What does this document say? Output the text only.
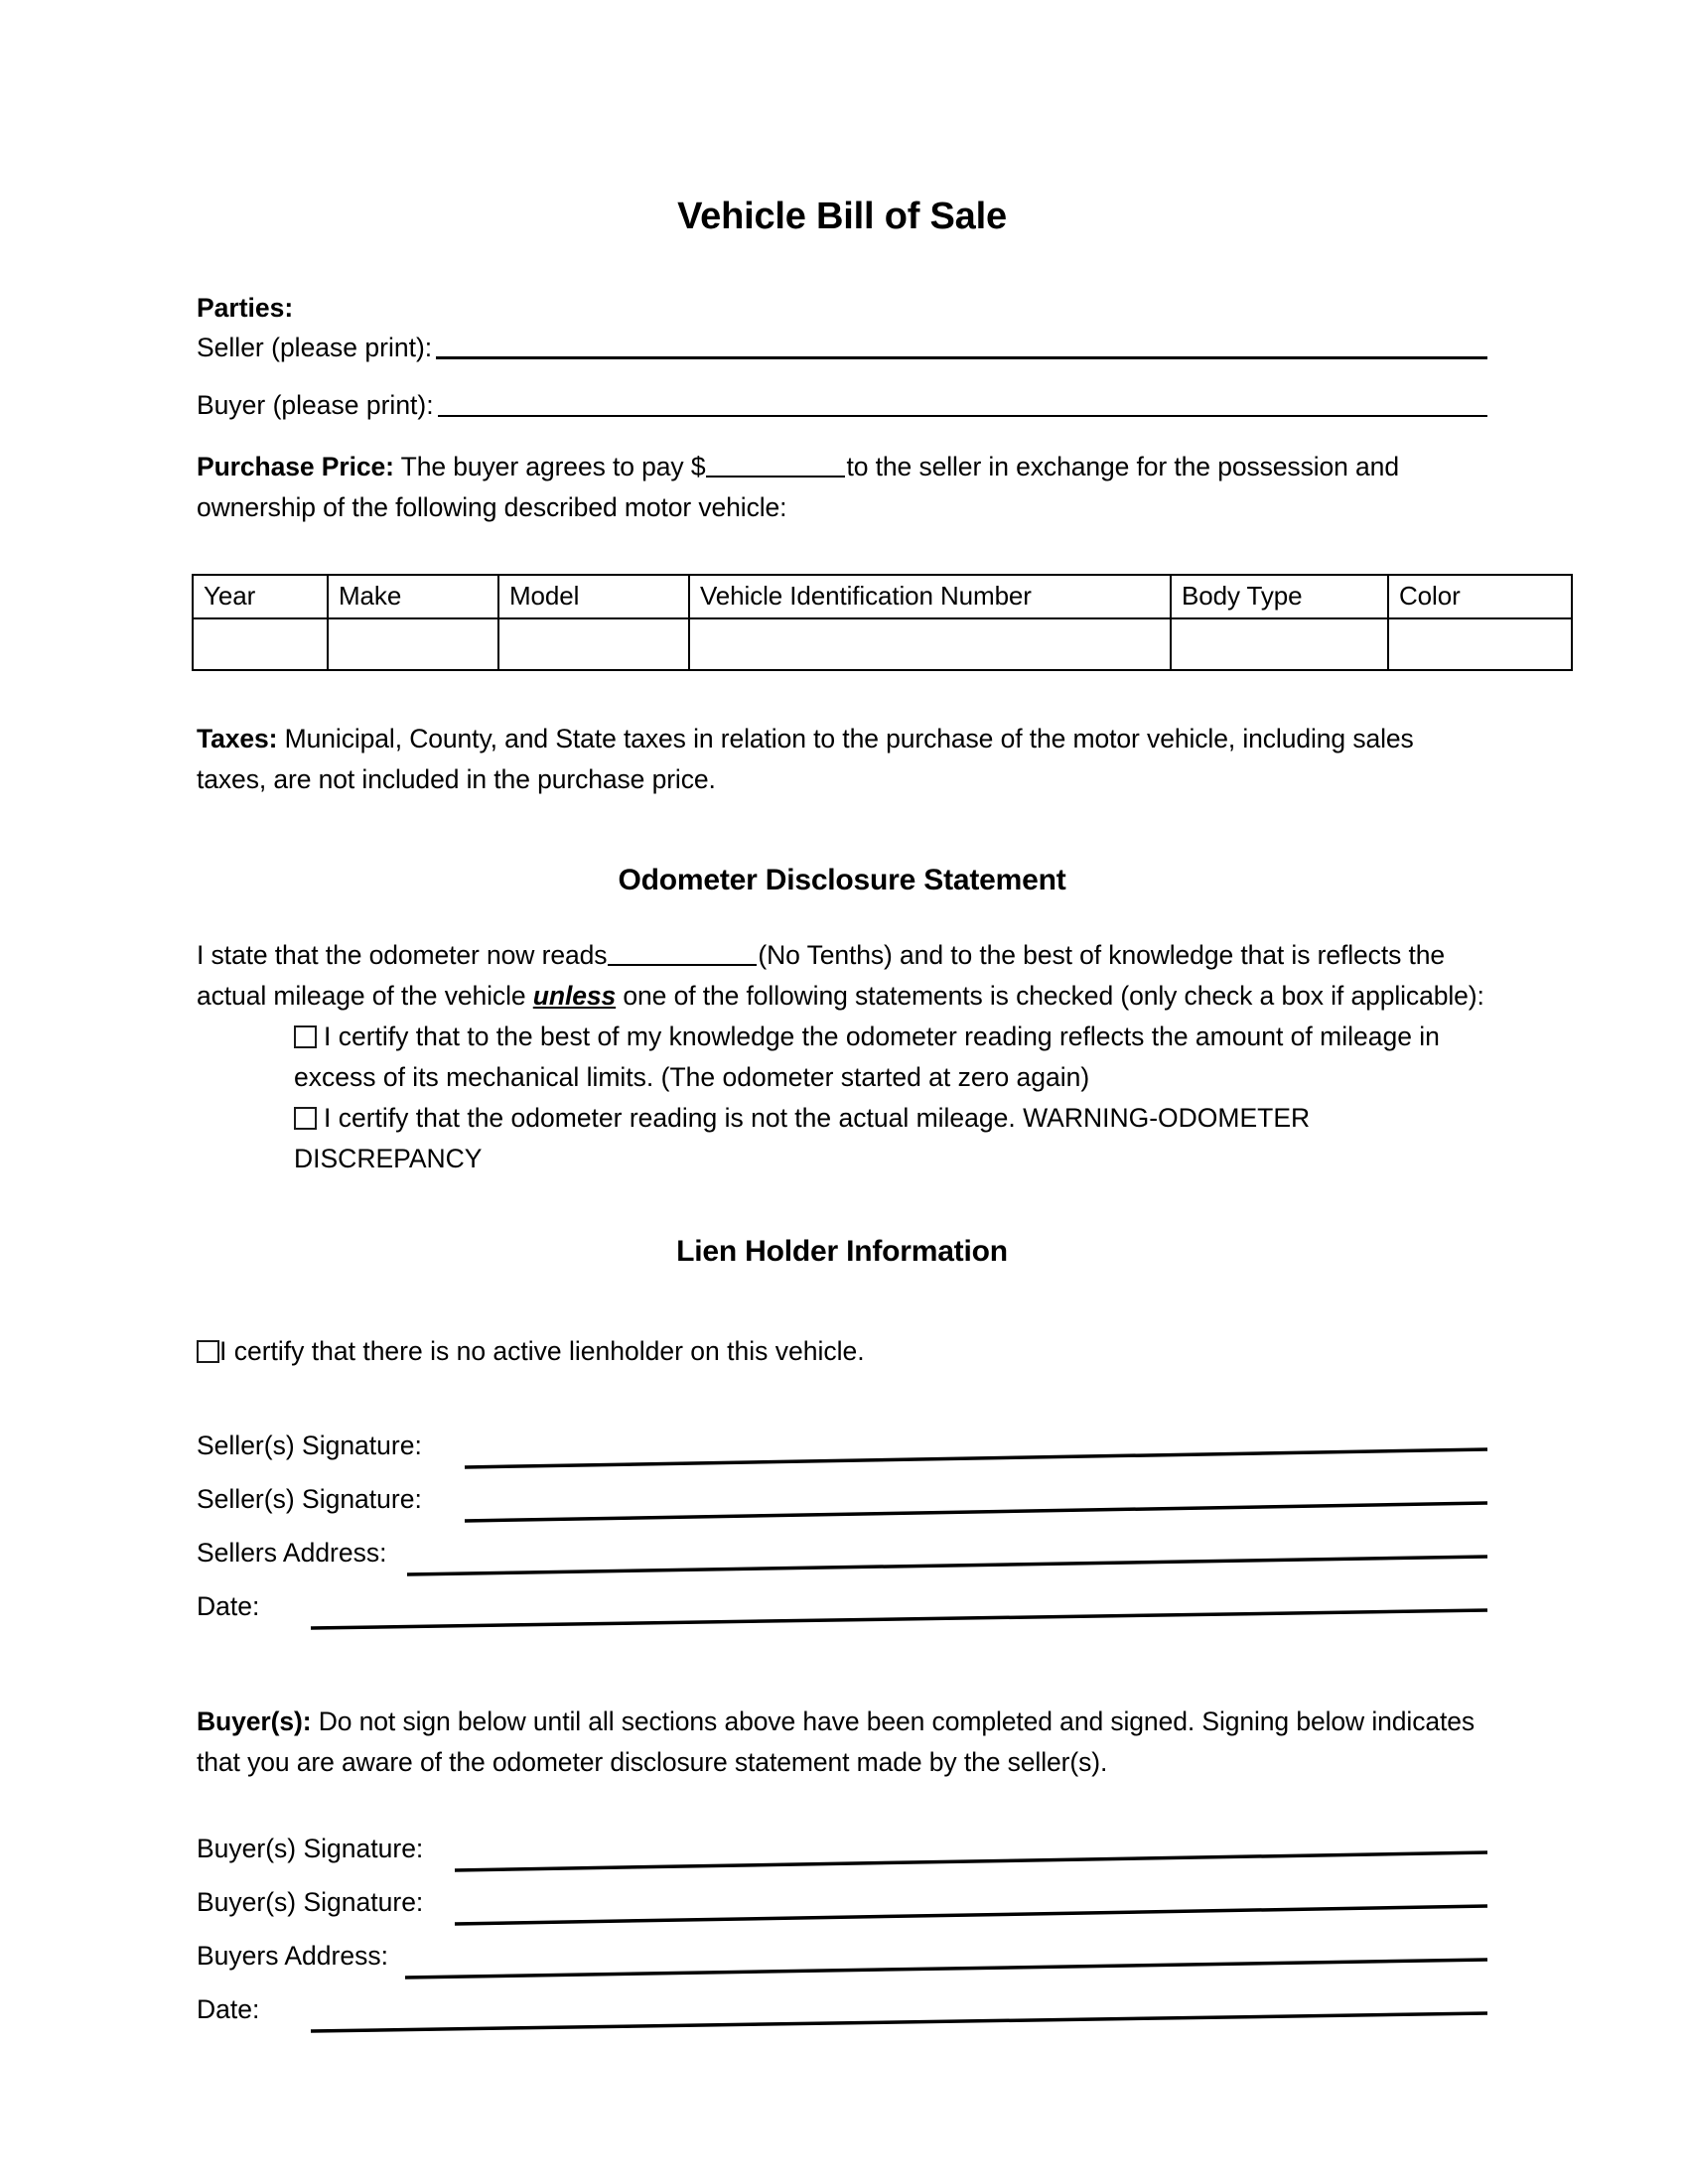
Vehicle Bill of Sale
Parties:
Seller (please print):
Buyer (please print):

Purchase Price: The buyer agrees to pay $	to the seller in exchange for the possession and ownership of the following described motor vehicle:

Year	Make	Model	Vehicle Identification Number	Body Type	Color

Taxes: Municipal, County, and State taxes in relation to the purchase of the motor vehicle, including sales taxes, are not included in the purchase price.

Odometer Disclosure Statement

I state that the odometer now reads	(No Tenths) and to the best of knowledge that is reflects the actual mileage of the vehicle unless one of the following statements is checked (only check a box if applicable):

I certify that to the best of my knowledge the odometer reading reflects the amount of mileage in excess of its mechanical limits. (The odometer started at zero again)
I certify that the odometer reading is not the actual mileage. WARNING-ODOMETER DISCREPANCY
Lien Holder Information
I certify that there is no active lienholder on this vehicle.
Seller(s) Signature:
Seller(s) Signature:
Sellers Address:
Date:

Buyer(s): Do not sign below until all sections above have been completed and signed. Signing below indicates that you are aware of the odometer disclosure statement made by the seller(s).

Buyer(s) Signature:
Buyer(s) Signature:
Buyers Address:
Date:
